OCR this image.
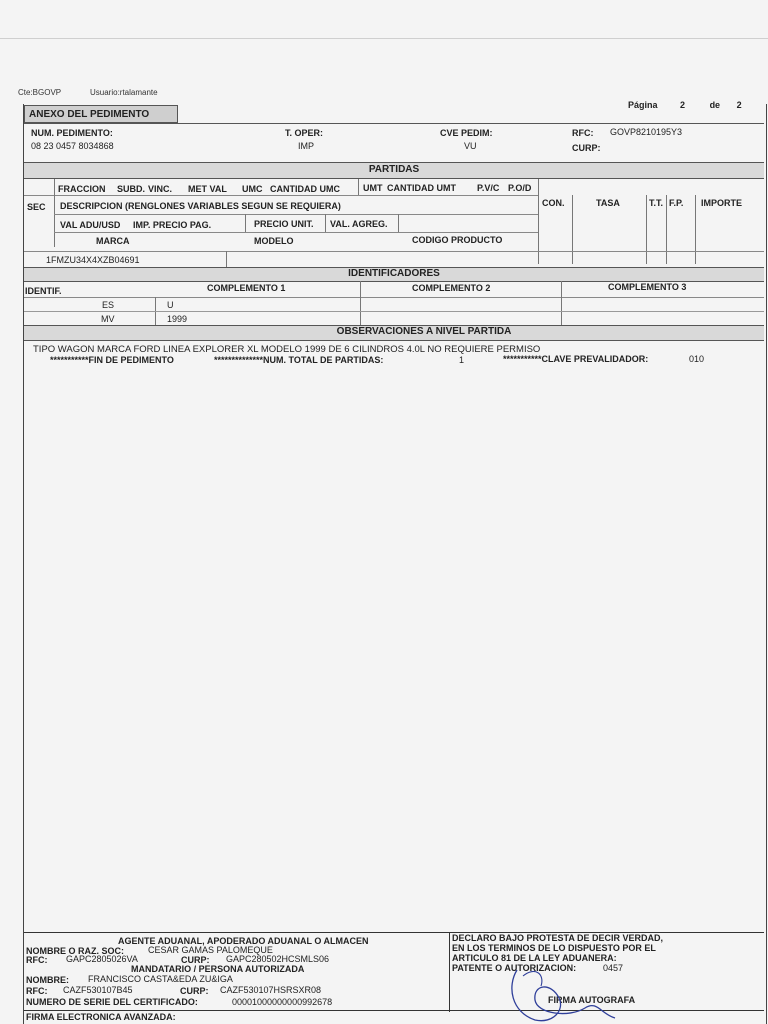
Cte:BGOVP	Usuario:rtalamante
Página	2	de 2
ANEXO DEL PEDIMENTO
NUM. PEDIMENTO:
08 23 0457 8034868
T. OPER:
IMP
CVE PEDIM:
VU
RFC: GOVP8210195Y3
CURP:
PARTIDAS
FRACCION SUBD. VINC. MET VAL UMC CANTIDAD UMC	UMT CANTIDAD UMT P.V/C P.O/D
SEC DESCRIPCION (RENGLONES VARIABLES SEGUN SE REQUIERA)	CON.	TASA	T.T. F.P. IMPORTE
VAL ADU/USD IMP. PRECIO PAG.	PRECIO UNIT. VAL. AGREG.
MARCA	MODELO	CODIGO PRODUCTO
1FMZU34X4XZB04691
IDENTIFICADORES
IDENTIF.	COMPLEMENTO 1	COMPLEMENTO 2	COMPLEMENTO 3
ES	U
MV	1999
OBSERVACIONES A NIVEL PARTIDA
TIPO WAGON MARCA FORD LINEA EXPLORER XL MODELO 1999 DE 6 CILINDROS 4.0L NO REQUIERE PERMISO
***********FIN DE PEDIMENTO	**************NUM. TOTAL DE PARTIDAS:	1	***********CLAVE PREVALIDADOR:	010
AGENTE ADUANAL, APODERADO ADUANAL O ALMACEN
NOMBRE O RAZ. SOC:	CESAR GAMAS PALOMEQUE
RFC: GAPC2805026VA	CURP: GAPC280502HCSMLS06
MANDATARIO / PERSONA AUTORIZADA
NOMBRE: FRANCISCO CASTA&EDA ZU&IGA
RFC: CAZF530107B45	CURP: CAZF530107HSRSXR08
NUMERO DE SERIE DEL CERTIFICADO:	00001000000000992678
FIRMA ELECTRONICA AVANZADA:
DECLARO BAJO PROTESTA DE DECIR VERDAD,
EN LOS TERMINOS DE LO DISPUESTO POR EL
ARTICULO 81 DE LA LEY ADUANERA:
PATENTE O AUTORIZACION:	0457
FIRMA AUTOGRAFA
